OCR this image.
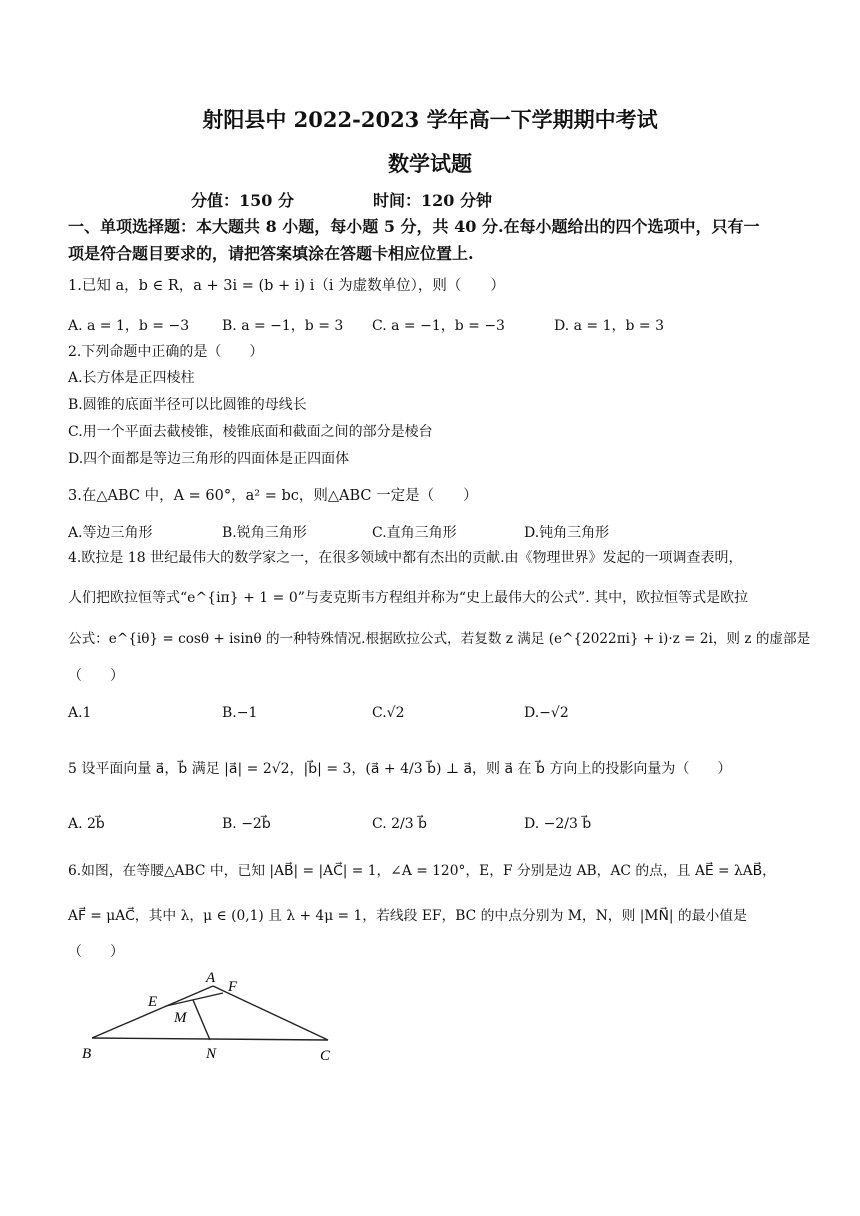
射阳县中 2022-2023 学年高一下学期期中考试
数学试题
分值：150 分	时间：120 分钟
一、单项选择题：本大题共 8 小题，每小题 5 分，共 40 分.在每小题给出的四个选项中，只有一
项是符合题目要求的，请把答案填涂在答题卡相应位置上.
1.已知 a，b ∈ R，a + 3i = (b + i) i（i 为虚数单位），则（　　）
A. a = 1，b = −3 B. a = −1，b = 3 C. a = −1，b = −3	D. a = 1，b = 3
2.下列命题中正确的是（　　）
A.长方体是正四棱柱
B.圆锥的底面半径可以比圆锥的母线长
C.用一个平面去截棱锥，棱锥底面和截面之间的部分是棱台
D.四个面都是等边三角形的四面体是正四面体
3.在△ABC 中，A = 60°，a² = bc，则△ABC 一定是（　　）
A.等边三角形	B.锐角三角形	C.直角三角形	D.钝角三角形
4.欧拉是 18 世纪最伟大的数学家之一，在很多领域中都有杰出的贡献.由《物理世界》发起的一项调查表明，
人们把欧拉恒等式“e^{iπ} + 1 = 0”与麦克斯韦方程组并称为“史上最伟大的公式”. 其中，欧拉恒等式是欧拉
公式：e^{iθ} = cosθ + isinθ 的一种特殊情况.根据欧拉公式，若复数 z 满足 (e^{2022πi} + i)·z = 2i，则 z 的虚部是
（　　）
A.1	B.−1	C.√2	D.−√2
5 设平面向量 a⃗，b⃗ 满足 |a⃗| = 2√2，|b⃗| = 3，(a⃗ + 4/3 b⃗) ⊥ a⃗，则 a⃗ 在 b⃗ 方向上的投影向量为（　　）
A. 2b⃗	B. −2b⃗	C. 2/3 b⃗	D. −2/3 b⃗
6.如图，在等腰△ABC 中，已知 |AB⃗| = |AC⃗| = 1，∠A = 120°，E，F 分别是边 AB，AC 的点，且 AE⃗ = λAB⃗，
AF⃗ = μAC⃗，其中 λ，μ ∈ (0,1) 且 λ + 4μ = 1，若线段 EF，BC 的中点分别为 M，N，则 |MN⃗| 的最小值是
（　　）
A
E
F
M
B	N	C
